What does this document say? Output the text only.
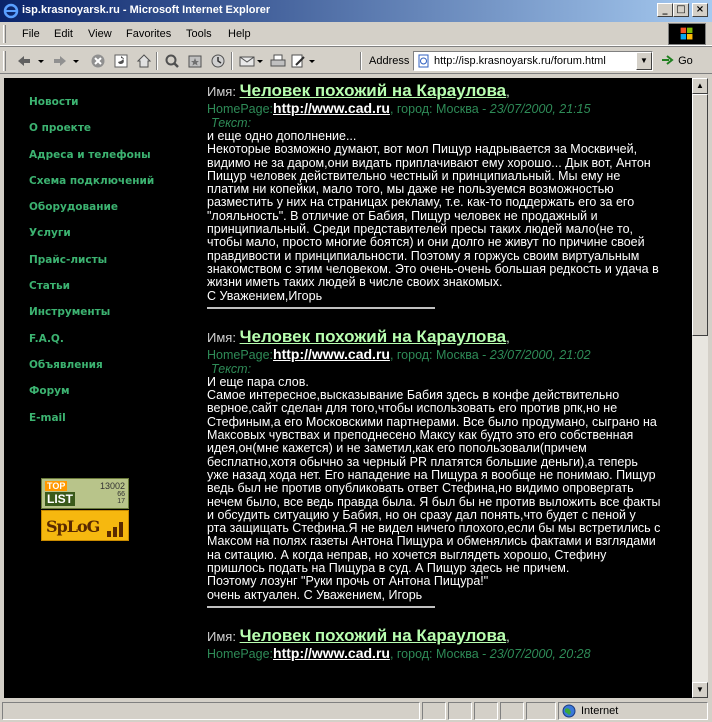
isp.krasnoyarsk.ru - Microsoft Internet Explorer	_ □	×
File Edit View Favorites Tools Help
Address http://isp.krasnoyarsk.ru/forum.html	▼	Go
Новости
О проекте
Адреса и телефоны
Схема подключений
Оборудование
Услуги
Прайс-листы
Статьи
Инструменты
F.A.Q.
Объявления
Форум
E-mail
TOP
LIST
13002
66
17
SpLoG
Имя: Человек похожий на Караулова,
HomePage:http://www.cad.ru, город: Москва - 23/07/2000, 21:15
Текст:

и еще одно дополнение...

Некоторые возможно думают, вот мол Пищур надрывается за Москвичей,

видимо не за даром,они видать приплачивают ему хорошо... Дык вот, Антон

Пищур человек действительно честный и принципиальный. Мы ему не

платим ни копейки, мало того, мы даже не пользуемся возможностью

разместить у них на страницах рекламу, т.е. как-то поддержать его за его

"лояльность". В отличие от Бабия, Пищур человек не продажный и

принципиальный. Среди представителей пресы таких людей мало(не то,

чтобы мало, просто многие боятся) и они долго не живут по причине своей

правдивости и принципиальности. Поэтому я горжусь своим виртуальным

знакомством с этим человеком. Это очень-очень большая редкость и удача в

жизни иметь таких людей в числе своих знакомых.

С Уважением,Игорь

Имя: Человек похожий на Караулова,
HomePage:http://www.cad.ru, город: Москва - 23/07/2000, 21:02
Текст:

И еще пара слов.

Самое интересное,высказывание Бабия здесь в конфе действительно

верное,сайт сделан для того,чтобы использовать его против рпк,но не

Стефиным,а его Московскими партнерами. Все было продумано, сыграно на

Максовых чувствах и преподнесено Максу как будто это его собственная

идея,он(мне кажется) и не заметил,как его попользовали(причем

бесплатно,хотя обычно за черный PR платятся большие деньги),а теперь

уже назад хода нет. Его нападение на Пищура я вообще не понимаю. Пищур

ведь был не против опубликовать ответ Стефина,но видимо опровергать

нечем было, все ведь правда была. Я был бы не против выложить все факты

и обсудить ситуацию у Бабия, но он сразу дал понять,что будет с пеной у

рта защищать Стефина.Я не видел ничего плохого,если бы мы встретились с

Максом на полях газеты Антона Пищура и обменялись фактами и взглядами

на ситацию. А когда неправ, но хочется выглядеть хорошо, Стефину

пришлось подать на Пищура в суд. А Пищур здесь не причем.

Поэтому лозунг "Руки прочь от Антона Пищура!"

очень актуален. С Уважением, Игорь

Имя: Человек похожий на Караулова,
HomePage:http://www.cad.ru, город: Москва - 23/07/2000, 20:28
▲
▼
Internet
